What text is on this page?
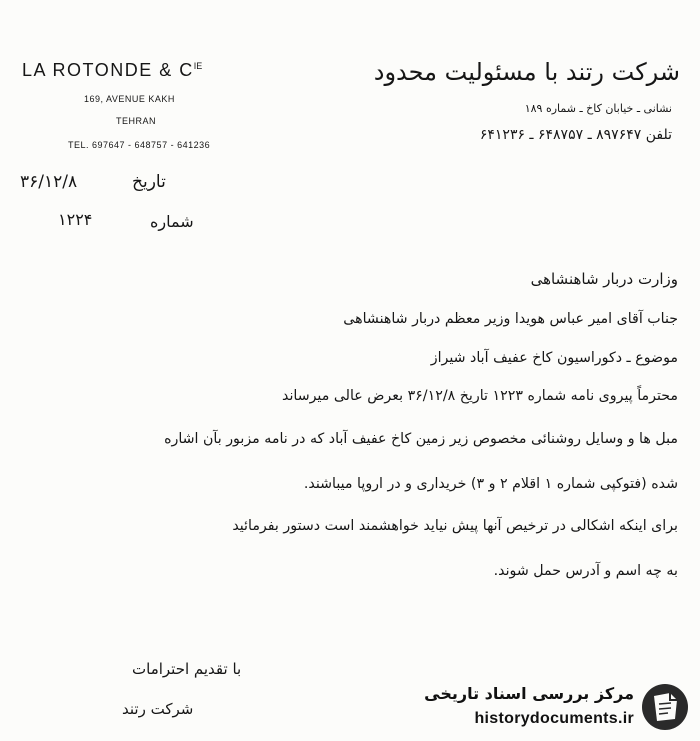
LA ROTONDE & $C^{IE}$
169, AVENUE KAKH
TEHRAN
TEL. 697647 - 648757 - 641236
شرکت رتند با مسئولیت محدود
نشانی ـ خیابان کاخ ـ شماره ۱۸۹
تلفن ۸۹۷۶۴۷ ـ ۶۴۸۷۵۷ ـ ۶۴۱۲۳۶
تاریخ
۳۶/۱۲/۸
شماره
۱۲۲۴
وزارت دربار شاهنشاهی
جناب آقای امیر عباس هویدا وزیر معظم دربار شاهنشاهی
موضوع ـ دکوراسیون کاخ عفیف آباد شیراز
محترماً پیروی نامه شماره ۱۲۲۳ تاریخ ۳۶/۱۲/۸ بعرض عالی میرساند
مبل ها و وسایل روشنائی مخصوص زیر زمین کاخ عفیف آباد که در نامه مزبور بآن اشاره
شده (فتوکپی شماره ۱ اقلام ۲ و ۳) خریداری و در اروپا میباشند.
برای اینکه اشکالی در ترخیص آنها پیش نیاید خواهشمند است دستور بفرمائید
به چه اسم و آدرس حمل شوند.
با تقدیم احترامات
شرکت رتند
مرکز بررسی اسناد تاریخی
historydocuments.ir
